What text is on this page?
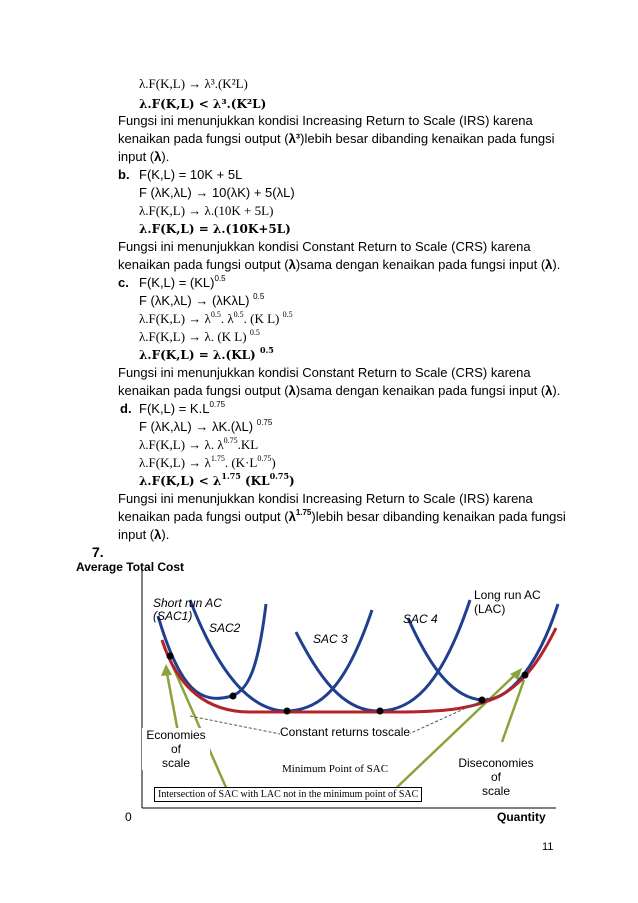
λ.F(K,L) → λ³.(K²L)
λ.F(K,L) < λ³.(K²L)
Fungsi ini menunjukkan kondisi Increasing Return to Scale (IRS) karena
kenaikan pada fungsi output (λ³)lebih besar dibanding kenaikan pada fungsi
input (λ).
b. F(K,L) = 10K + 5L
F (λK,λL) → 10(λK) + 5(λL)
λ.F(K,L) → λ.(10K + 5L)
λ.F(K,L) = λ.(10K+5L)
Fungsi ini menunjukkan kondisi Constant Return to Scale (CRS) karena
kenaikan pada fungsi output (λ)sama dengan kenaikan pada fungsi input (λ).
c. F(K,L) = (KL)$^{0.5}$
F (λK,λL) → (λKλL) $^{0.5}$
$\lambda.F(K,L) \to \lambda^{0.5}$. $\lambda^{0.5}$. (K L) $^{0.5}$
λ.F(K,L) → λ. (K L) $^{0.5}$
λ.F(K,L) = λ.(KL) $^{0.5}$
Fungsi ini menunjukkan kondisi Constant Return to Scale (CRS) karena
kenaikan pada fungsi output (λ)sama dengan kenaikan pada fungsi input (λ).
d. $F(K,L) = K.L^{0.75}$
F (λK,λL) → λK.(λL) $^{0.75}$
λ.F(K,L) → λ. $\lambda^{0.75}.KL$
$\lambda.F(K,L) \to \lambda^{1.75}$. $(K\cdot L^{0.75})$
$\lambda.F(K,L) < \lambda^{1.75}$ $(KL^{0.75})$
Fungsi ini menunjukkan kondisi Increasing Return to Scale (IRS) karena
kenaikan pada fungsi output $(\lambda^{1.75})lebih$ besar dibanding kenaikan pada fungsi
input (λ).
7.
Average Total Cost
Quantity
0
Short run AC
(SAC1)
SAC2
SAC 3
SAC 4
Long run AC
(LAC)
Constant returns toscale
Economies
of
scale	Diseconomies
of
scale
Minimum Point of SAC
Intersection of SAC with LAC not in the minimum point of SAC
11
